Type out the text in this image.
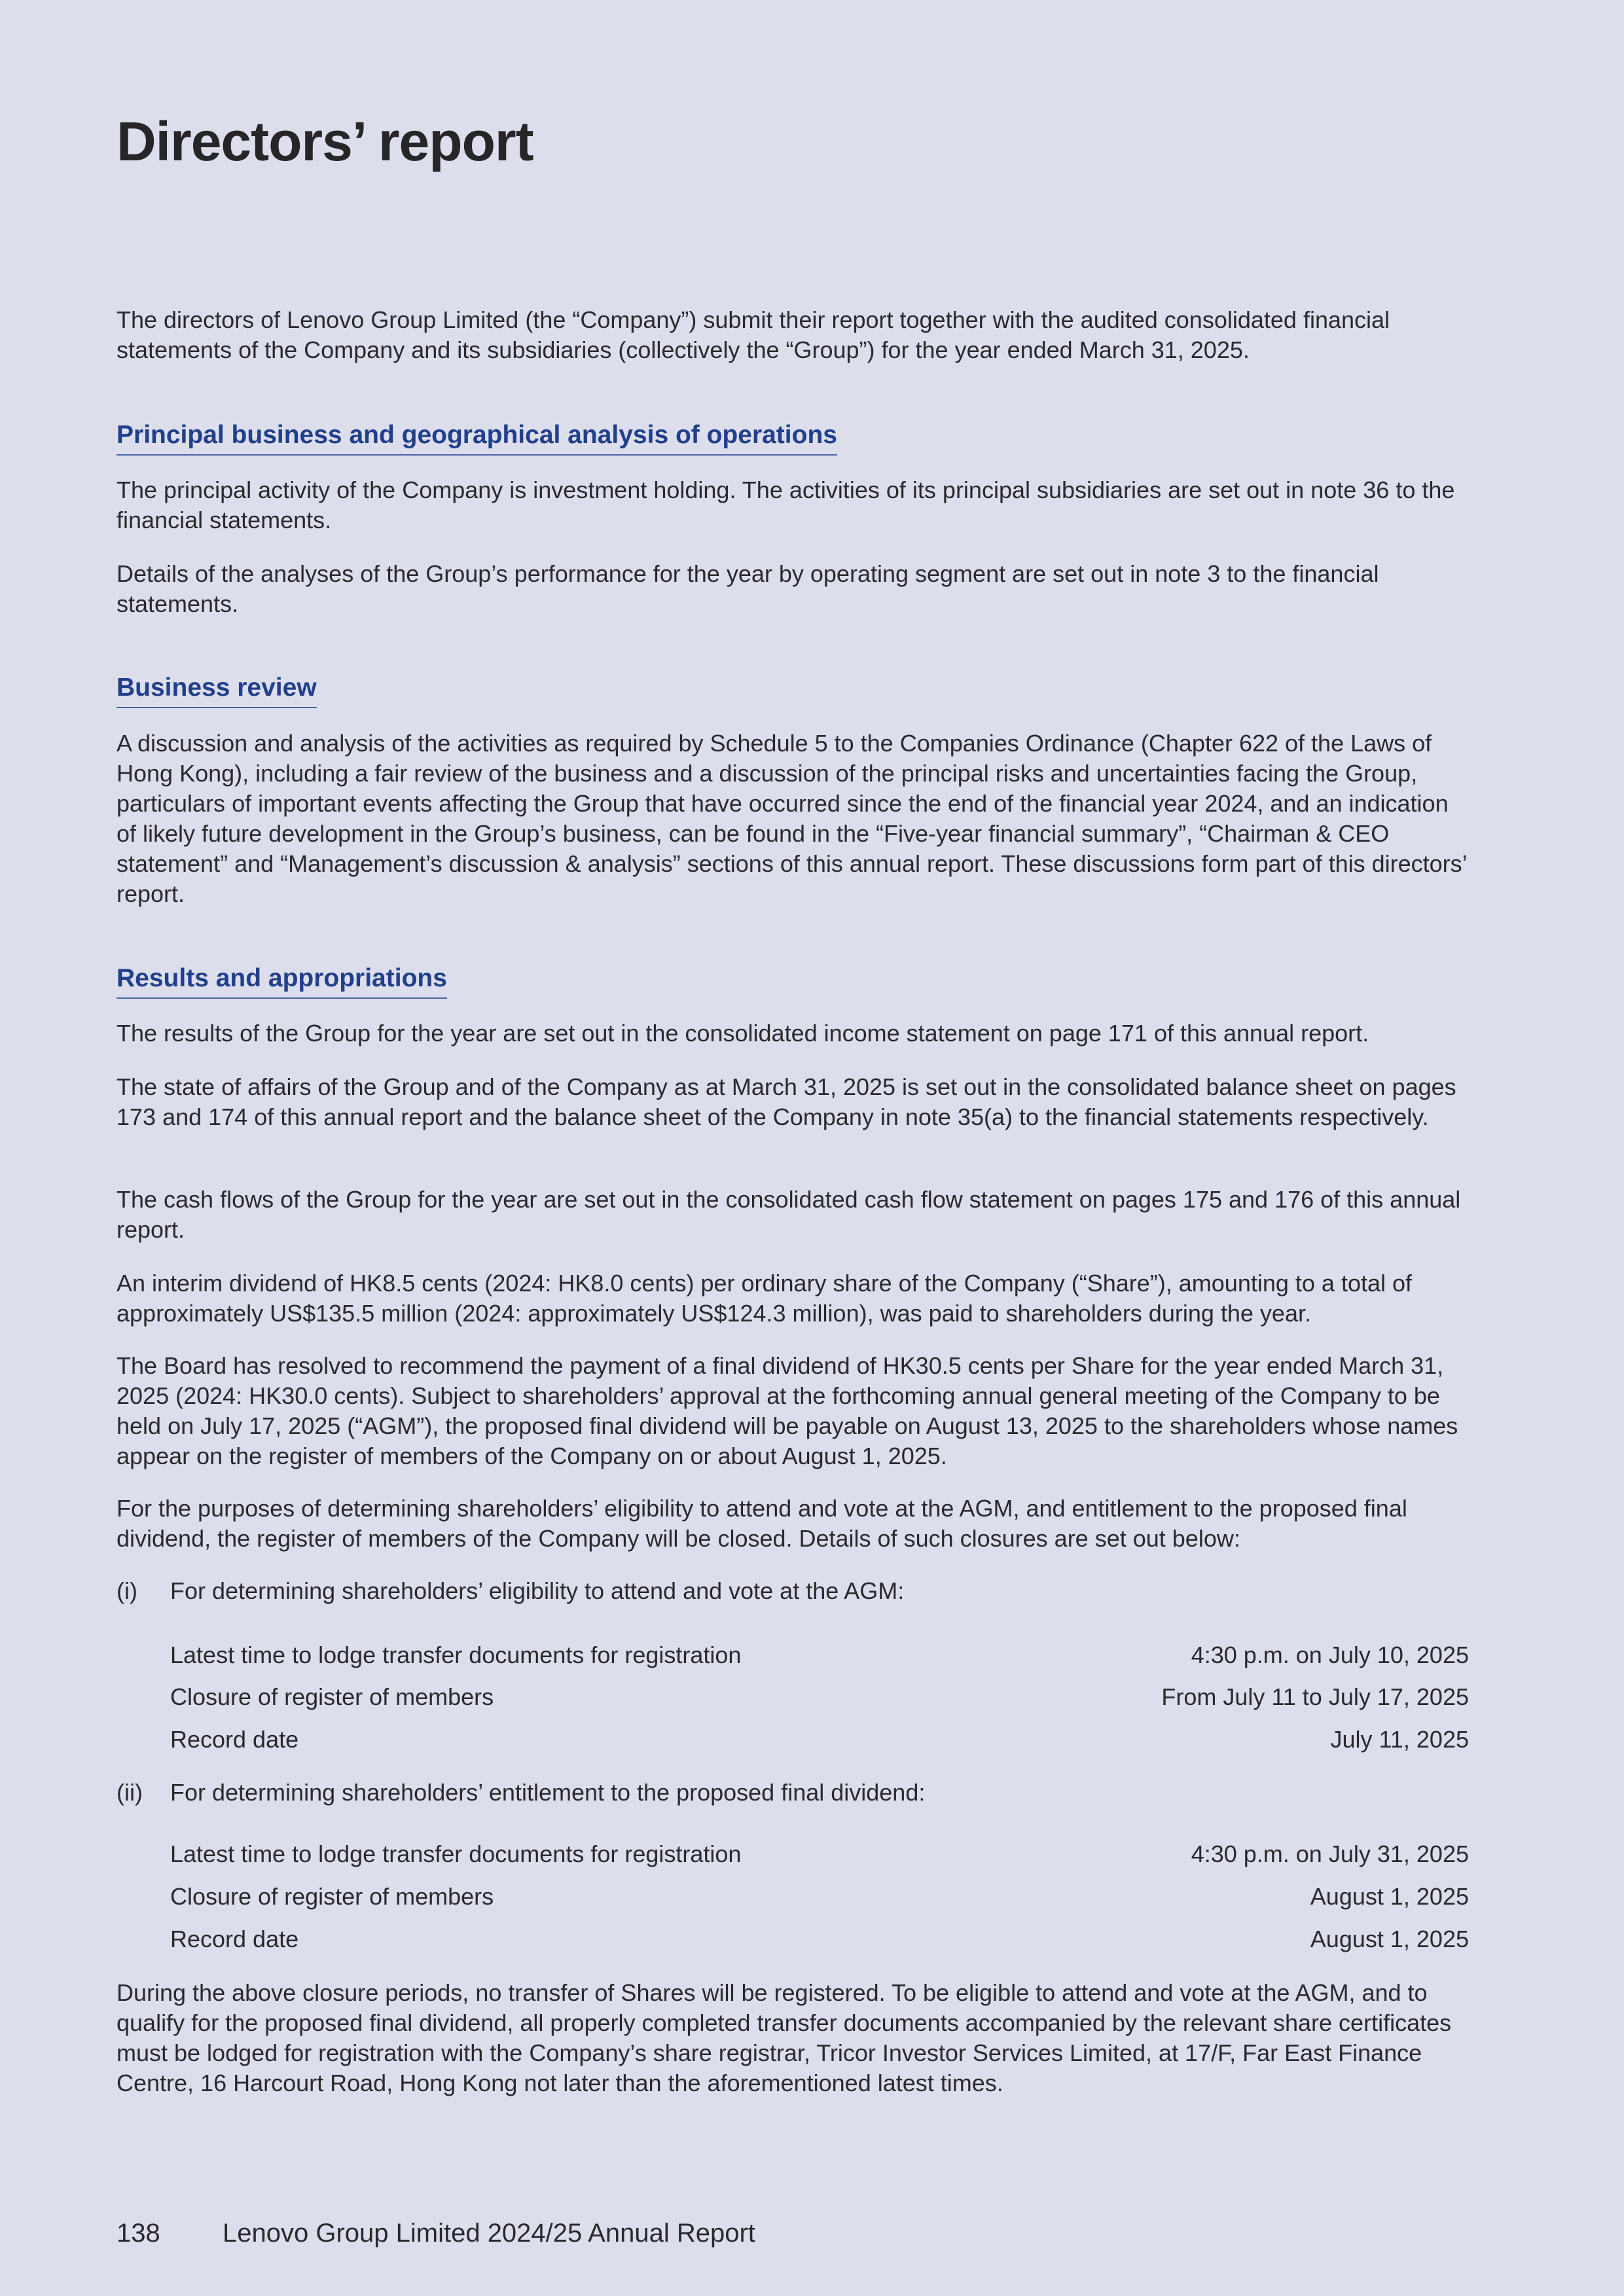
Directors’ report

The directors of Lenovo Group Limited (the “Company”) submit their report together with the audited consolidated financial statements of the Company and its subsidiaries (collectively the “Group”) for the year ended March 31, 2025.

Principal business and geographical analysis of operations

The principal activity of the Company is investment holding. The activities of its principal subsidiaries are set out in note 36 to the financial statements.

Details of the analyses of the Group’s performance for the year by operating segment are set out in note 3 to the financial statements.

Business review

A discussion and analysis of the activities as required by Schedule 5 to the Companies Ordinance (Chapter 622 of the Laws of Hong Kong), including a fair review of the business and a discussion of the principal risks and uncertainties facing the Group, particulars of important events affecting the Group that have occurred since the end of the financial year 2024, and an indication of likely future development in the Group’s business, can be found in the “Five-year financial summary”, “Chairman & CEO statement” and “Management’s discussion & analysis” sections of this annual report. These discussions form part of this directors’ report.

Results and appropriations

The results of the Group for the year are set out in the consolidated income statement on page 171 of this annual report.

The state of affairs of the Group and of the Company as at March 31, 2025 is set out in the consolidated balance sheet on pages 173 and 174 of this annual report and the balance sheet of the Company in note 35(a) to the financial statements respectively.

The cash flows of the Group for the year are set out in the consolidated cash flow statement on pages 175 and 176 of this annual report.

An interim dividend of HK8.5 cents (2024: HK8.0 cents) per ordinary share of the Company (“Share”), amounting to a total of approximately US$135.5 million (2024: approximately US$124.3 million), was paid to shareholders during the year.

The Board has resolved to recommend the payment of a final dividend of HK30.5 cents per Share for the year ended March 31, 2025 (2024: HK30.0 cents). Subject to shareholders’ approval at the forthcoming annual general meeting of the Company to be held on July 17, 2025 (“AGM”), the proposed final dividend will be payable on August 13, 2025 to the shareholders whose names appear on the register of members of the Company on or about August 1, 2025.

For the purposes of determining shareholders’ eligibility to attend and vote at the AGM, and entitlement to the proposed final dividend, the register of members of the Company will be closed. Details of such closures are set out below:

(i) For determining shareholders’ eligibility to attend and vote at the AGM:
Latest time to lodge transfer documents for registration	4:30 p.m. on July 10, 2025
Closure of register of members	From July 11 to July 17, 2025
Record date	July 11, 2025
(ii) For determining shareholders’ entitlement to the proposed final dividend:
Latest time to lodge transfer documents for registration	4:30 p.m. on July 31, 2025
Closure of register of members	August 1, 2025
Record date	August 1, 2025

During the above closure periods, no transfer of Shares will be registered. To be eligible to attend and vote at the AGM, and to qualify for the proposed final dividend, all properly completed transfer documents accompanied by the relevant share certificates must be lodged for registration with the Company’s share registrar, Tricor Investor Services Limited, at 17/F, Far East Finance Centre, 16 Harcourt Road, Hong Kong not later than the aforementioned latest times.

138 Lenovo Group Limited 2024/25 Annual Report
